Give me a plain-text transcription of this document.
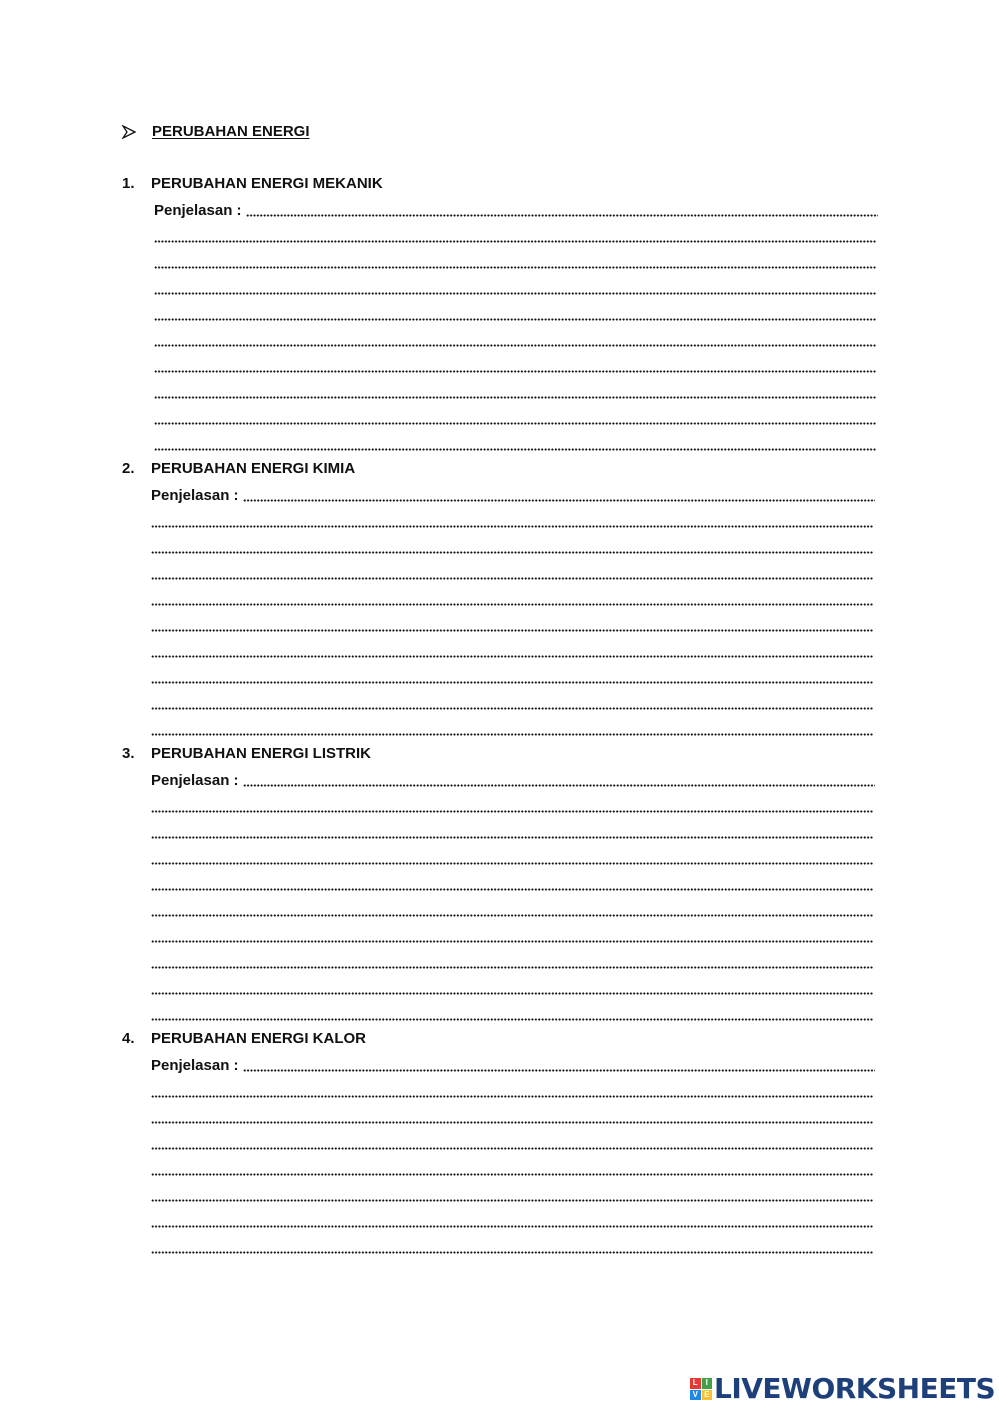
PERUBAHAN ENERGI
1. PERUBAHAN ENERGI MEKANIK
Penjelasan :
2. PERUBAHAN ENERGI KIMIA
Penjelasan :
3. PERUBAHAN ENERGI LISTRIK
Penjelasan :
4. PERUBAHAN ENERGI KALOR
Penjelasan :
L I
V E LIVEWORKSHEETS
